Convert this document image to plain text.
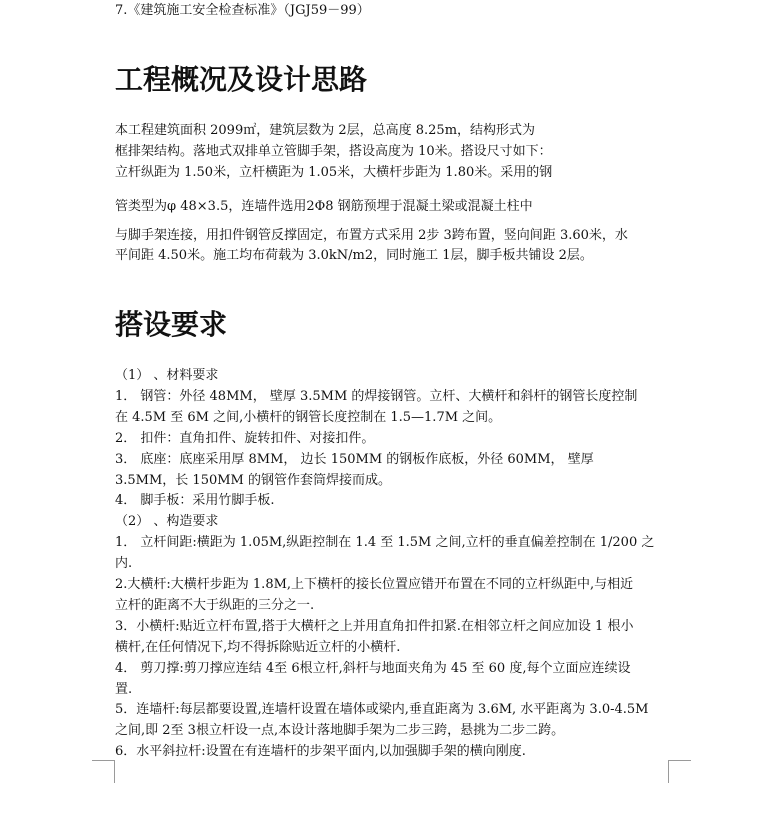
7.《建筑施工安全检查标准》（JGJ59－99）
工程概况及设计思路
本工程建筑面积 2099㎡，建筑层数为 2层，总高度 8.25m，结构形式为
框排架结构。落地式双排单立管脚手架，搭设高度为 10米。搭设尺寸如下：
立杆纵距为 1.50米，立杆横距为 1.05米，大横杆步距为 1.80米。采用的钢
管类型为φ 48×3.5，连墙件选用2Φ8 钢筋预埋于混凝土梁或混凝土柱中
与脚手架连接，用扣件钢管反撑固定，布置方式采用 2步 3跨布置，竖向间距 3.60米，水
平间距 4.50米。施工均布荷载为 3.0kN/m2，同时施工 1层，脚手板共铺设 2层。
搭设要求
（1） 、材料要求
1． 钢管：外径 48MM， 壁厚 3.5MM 的焊接钢管。立杆、大横杆和斜杆的钢管长度控制
在 4.5M 至 6M 之间,小横杆的钢管长度控制在 1.5—1.7M 之间。
2． 扣件：直角扣件、旋转扣件、对接扣件。
3． 底座：底座采用厚 8MM， 边长 150MM 的钢板作底板，外径 60MM， 壁厚
3.5MM，长 150MM 的钢管作套筒焊接而成。
4． 脚手板：采用竹脚手板.
（2） 、构造要求
1． 立杆间距:横距为 1.05M,纵距控制在 1.4 至 1.5M 之间,立杆的垂直偏差控制在 1/200 之
内.
2.大横杆:大横杆步距为 1.8M,上下横杆的接长位置应错开布置在不同的立杆纵距中,与相近
立杆的距离不大于纵距的三分之一.
3．小横杆:贴近立杆布置,搭于大横杆之上并用直角扣件扣紧.在相邻立杆之间应加设 1 根小
横杆,在任何情况下,均不得拆除贴近立杆的小横杆.
4． 剪刀撑:剪刀撑应连结 4至 6根立杆,斜杆与地面夹角为 45 至 60 度,每个立面应连续设
置.
5．连墙杆:每层都要设置,连墙杆设置在墙体或梁内,垂直距离为 3.6M, 水平距离为 3.0-4.5M
之间,即 2至 3根立杆设一点,本设计落地脚手架为二步三跨，悬挑为二步二跨。
6．水平斜拉杆:设置在有连墙杆的步架平面内,以加强脚手架的横向刚度.
